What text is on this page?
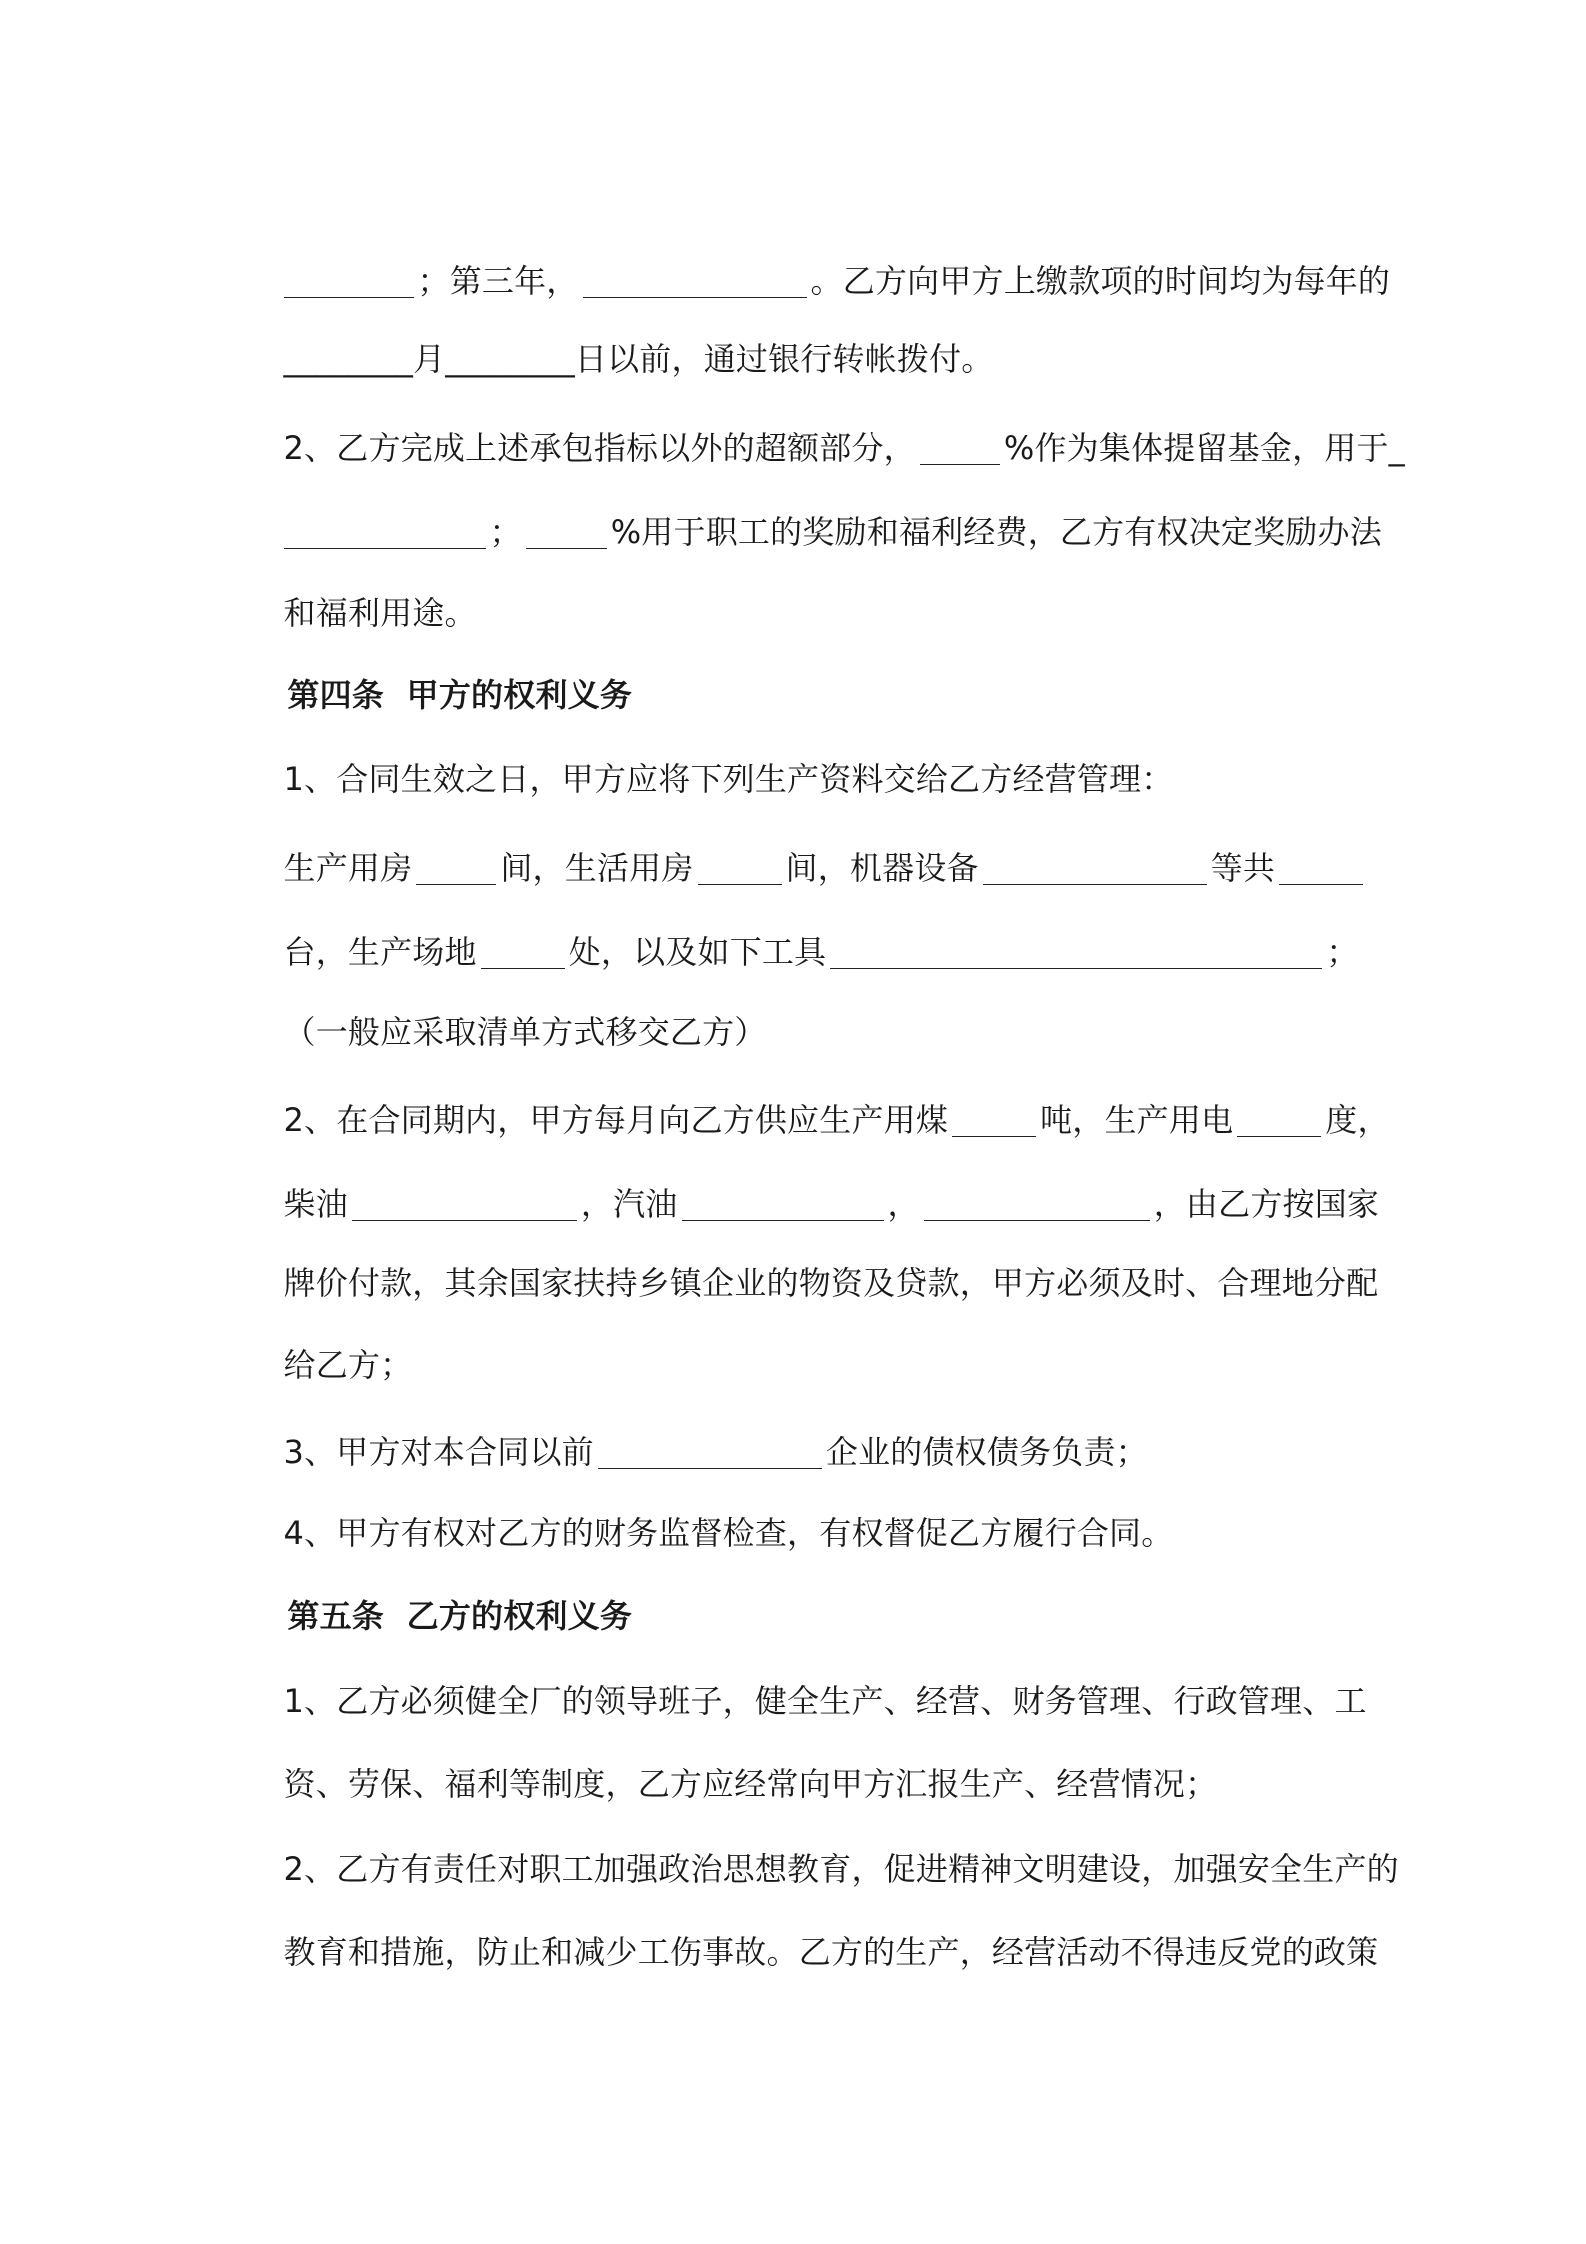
；第三年，	。乙方向甲方上缴款项的时间均为每年的

________月________日以前，通过银行转帐拨付。

2、乙方完成上述承包指标以外的超额部分，	%作为集体提留基金，用于_

；	%用于职工的奖励和福利经费，乙方有权决定奖励办法

和福利用途。

第四条  甲方的权利义务

1、合同生效之日，甲方应将下列生产资料交给乙方经营管理：

生产用房	间，生活用房	间，机器设备	等共

台，生产场地	处，以及如下工具	；

（一般应采取清单方式移交乙方）

2、在合同期内，甲方每月向乙方供应生产用煤	吨，生产用电	度，

柴油	，汽油	，	，由乙方按国家

牌价付款，其余国家扶持乡镇企业的物资及贷款，甲方必须及时、合理地分配

给乙方；

3、甲方对本合同以前	企业的债权债务负责；

4、甲方有权对乙方的财务监督检查，有权督促乙方履行合同。

第五条  乙方的权利义务

1、乙方必须健全厂的领导班子，健全生产、经营、财务管理、行政管理、工

资、劳保、福利等制度，乙方应经常向甲方汇报生产、经营情况；

2、乙方有责任对职工加强政治思想教育，促进精神文明建设，加强安全生产的

教育和措施，防止和减少工伤事故。乙方的生产，经营活动不得违反党的政策
